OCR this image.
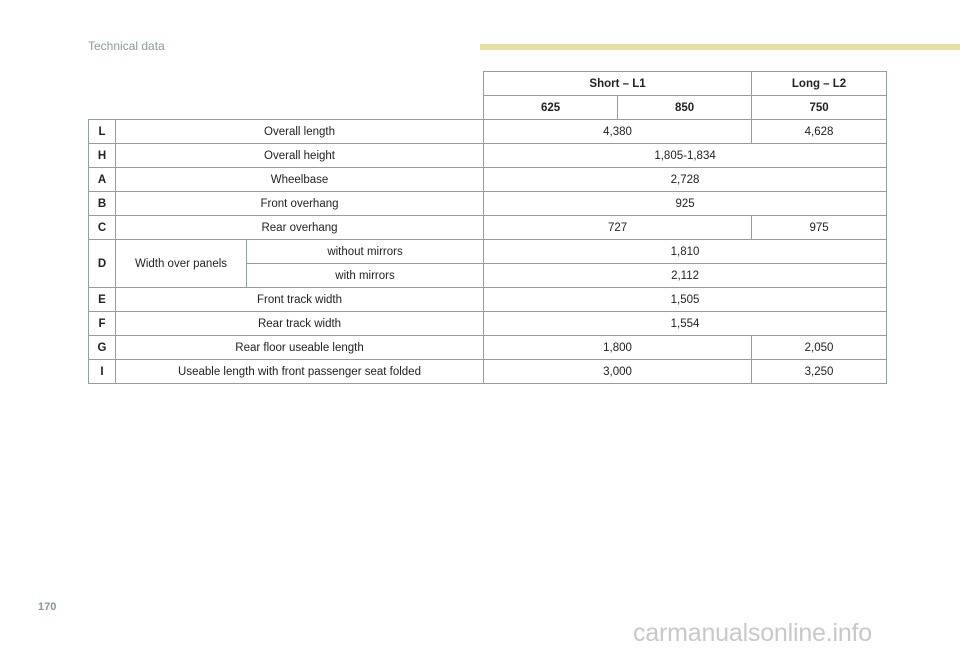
Technical data
			Short – L1		Long – L2
			625	850	750
L	Overall length		4,380		4,628
H	Overall height		1,805-1,834		
A	Wheelbase		2,728		
B	Front overhang		925		
C	Rear overhang		727		975
D	Width over panels	without mirrors	1,810		
		with mirrors	2,112		
E	Front track width		1,505		
F	Rear track width		1,554		
G	Rear floor useable length		1,800		2,050
I	Useable length with front passenger seat folded		3,000		3,250
170
carmanualsonline.info
